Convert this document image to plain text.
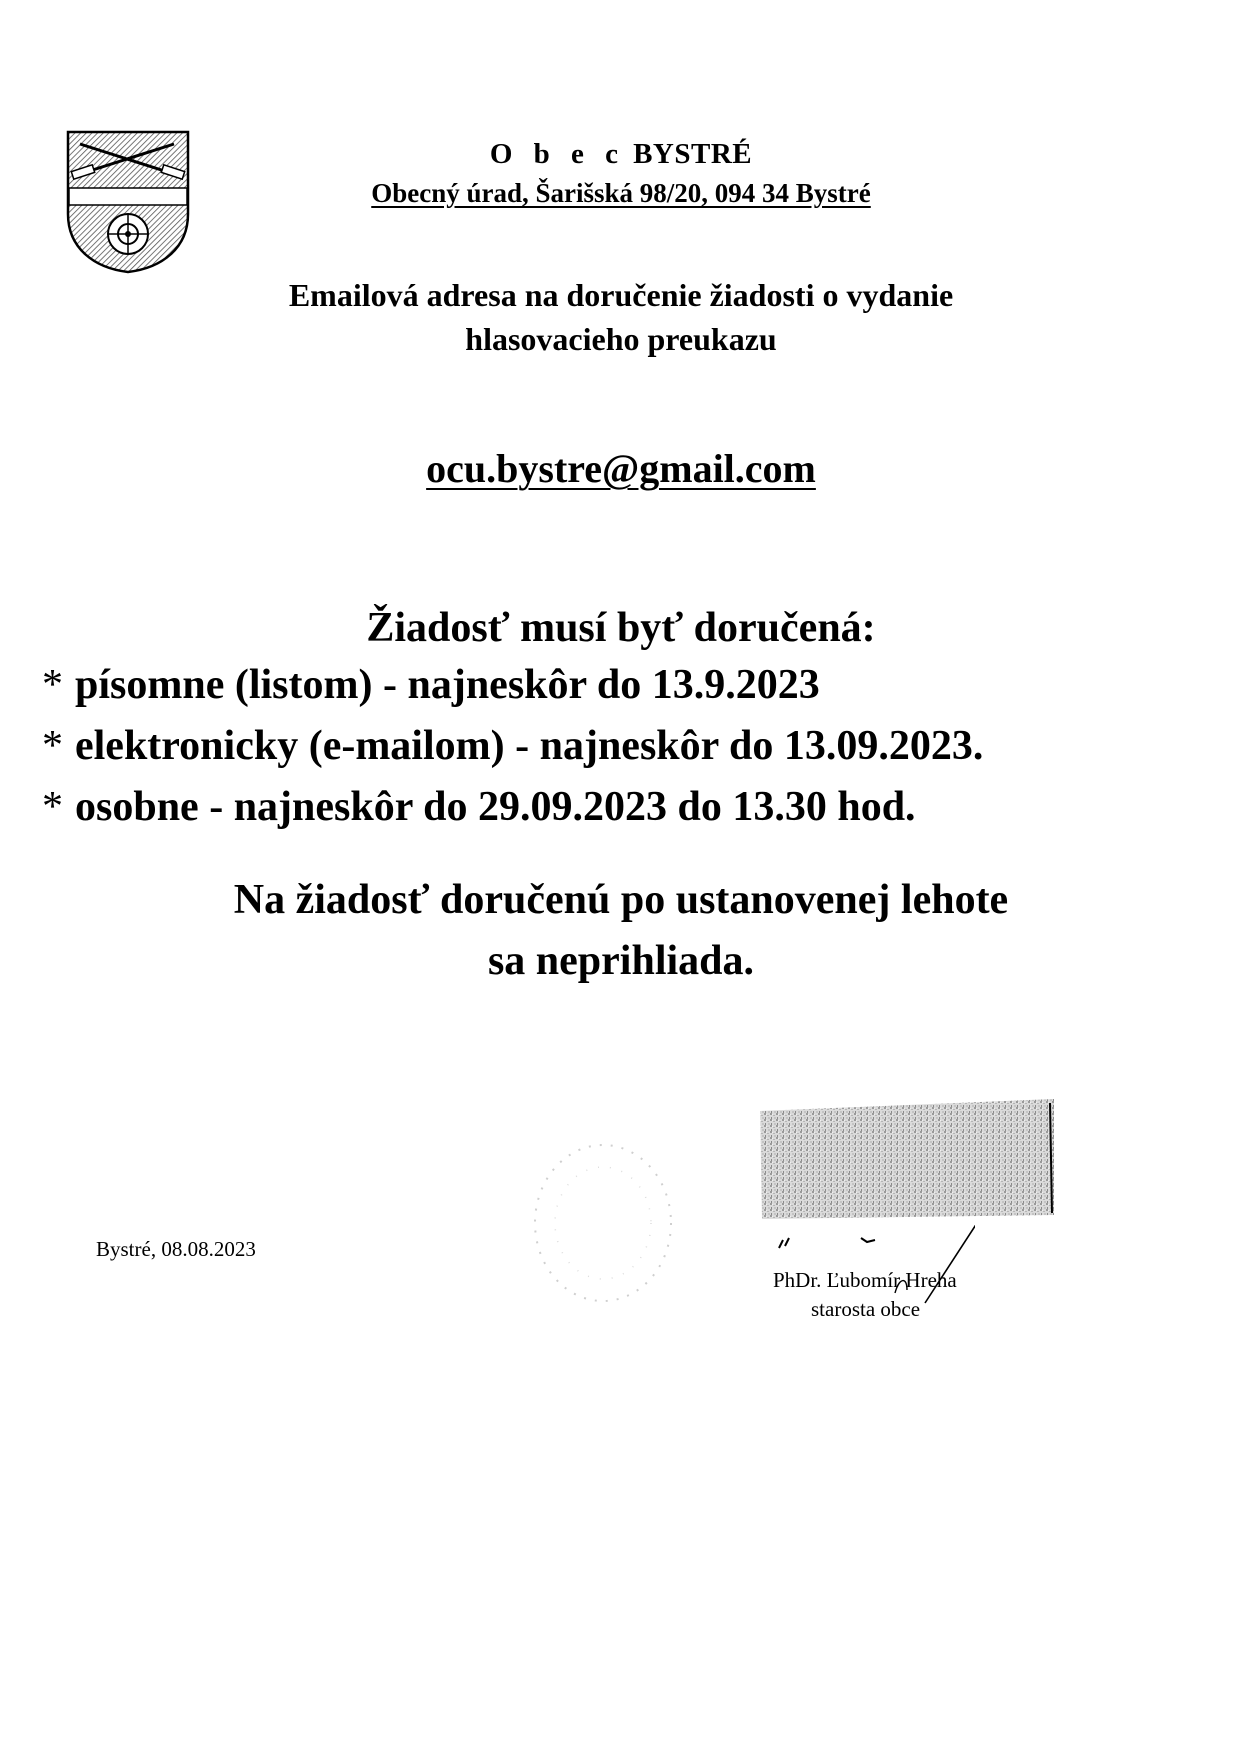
O b e c BYSTRÉ
Obecný úrad, Šarišská 98/20, 094 34 Bystré
Emailová adresa na doručenie žiadosti o vydanie
hlasovacieho preukazu
ocu.bystre@gmail.com
Žiadosť musí byť doručená:
* písomne (listom) - najneskôr do 13.9.2023
* elektronicky (e-mailom) - najneskôr do 13.09.2023.
* osobne - najneskôr do 29.09.2023 do 13.30 hod.
Na žiadosť doručenú po ustanovenej lehote
sa neprihliada.
Bystré, 08.08.2023
PhDr. Ľubomír Hreha
starosta obce
